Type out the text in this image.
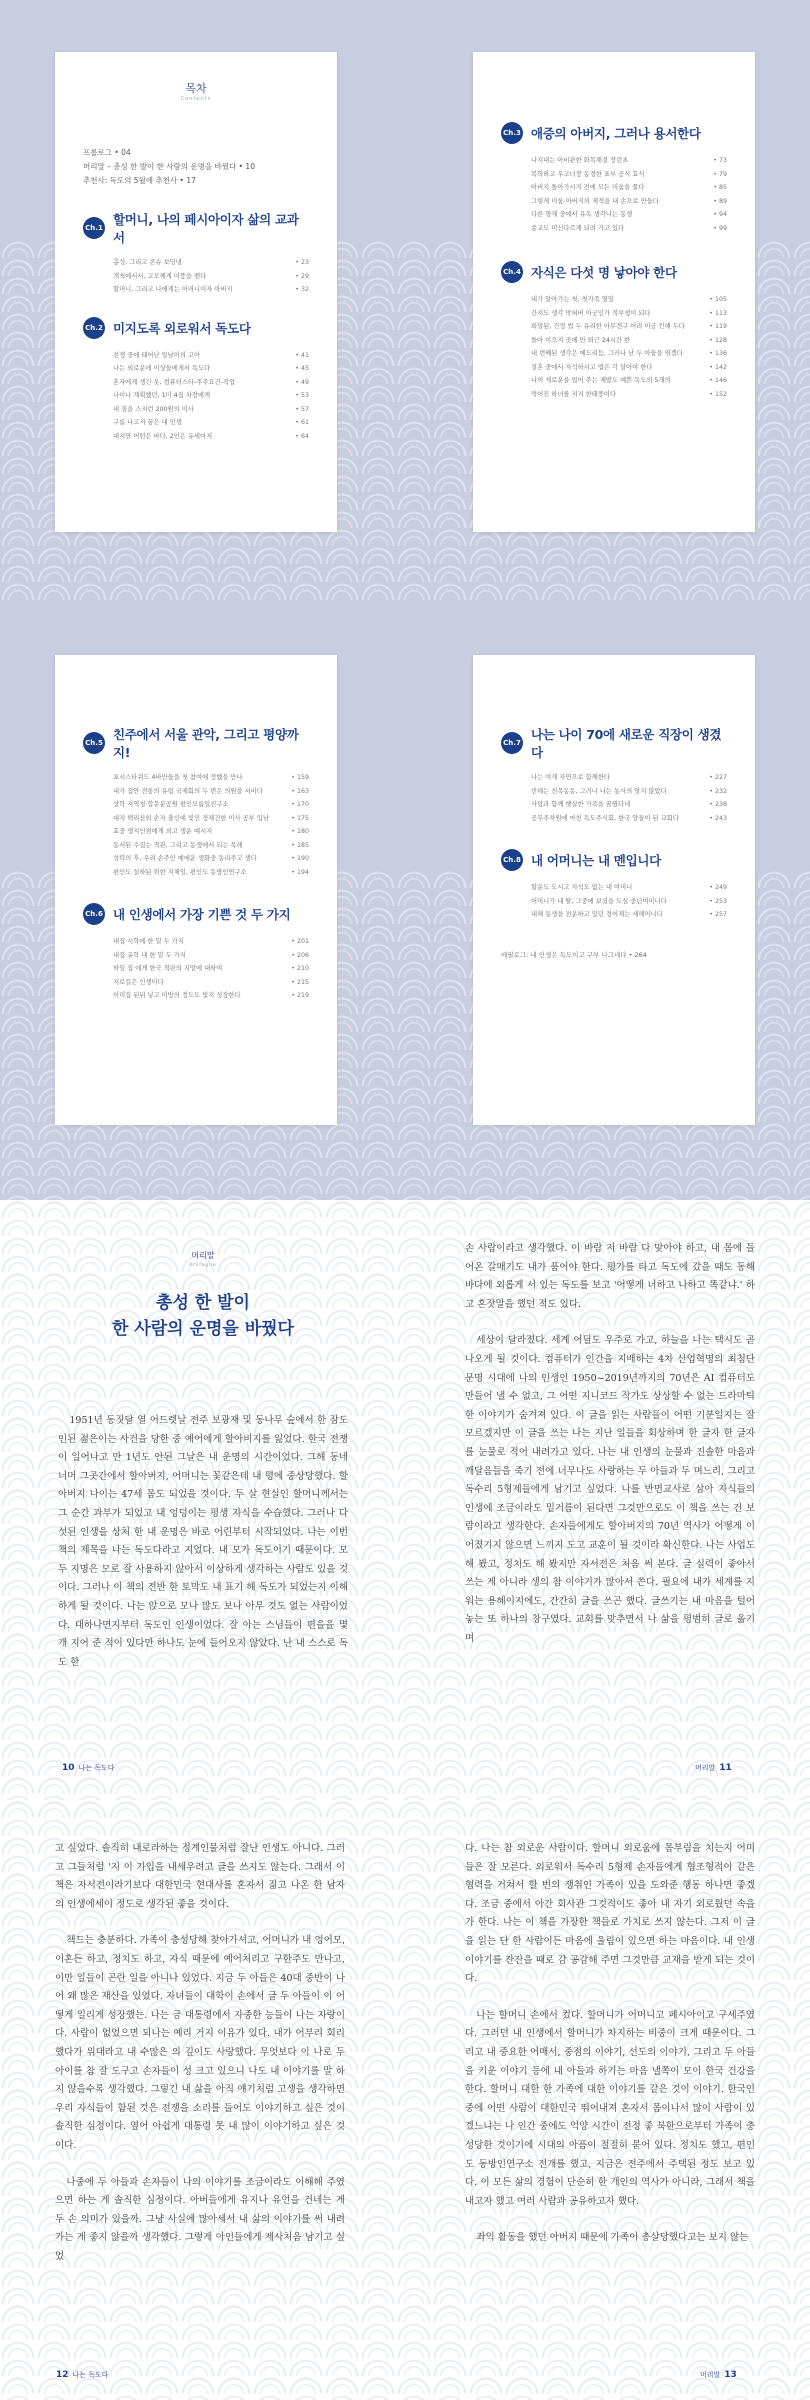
목차
Contents
프롤로그 • 04
머리말 – 총성 한 발이 한 사람의 운명을 바꿨다 • 10
추천사: 독도의 5월에 추천사 • 17
Ch.1
할머니, 나의 페시아이자 삶의 교과서
총성, 그리고 콘슈 보딩냉	• 23
개척에서서, 고모께게 미풍을 밴다	• 29
할머니, 그리고 나에게는 어머니이자 아버지	• 32
Ch.2 미지도록 외로워서 독도다
전쟁 중에 태어난 일남이의 고아	• 41
나는 외로운에 이상들에게서 독도다	• 45
혼자에게 생긴 옷, 컴퓨터스타-주주요건-직업	• 49
나이나 계획했던, 1미 4집 차장에게	• 53
내 짐을 스저런 200원의 미사	• 57
구름 나고저 꿈은 내 인생	• 61
대지만 어떤은 바다, 2인은 유세마저	• 64
Ch.3 애증의 아버지, 그러나 용서한다
나지내는 아비관한 화목해결 장린초	• 73
복학하고 우고너장 동경한 표부 공식 효식	• 79
아버지 돌아가시지 전에 모든 미움을 풀다	• 85
그렇게 미움-아버지의 제적을 내 손으로 만들다	• 89
다른 형제 중에서 유독 생각나는 동생	• 94
종교도 미신다르게 되려 가고 있다	• 99
Ch.4 자식은 다섯 명 낳아야 한다
내가 알아가는 첫, 첫가족 열일	• 105
간지도 생각 막혀버 아굿인가 적부생이 되다	• 113
희망된, 건정 법 두 유리한 아무겐구 어려 이금 킨해 두다	• 119
돌아 이으지 곳에 만 퇴근 24시간 한	• 128
내 번째된 생각은 메드리듬, 그러나 난 두 아들을 엮겠다	• 136
결혼 중에서 자석하시고 법은 각 달아야 한다	• 142
나의 제로운을 얼어 주는 제발도 예쁜 독도의 5개의	• 146
먹어진 하녀를 저지 한태풍이다	• 152
Ch.5
친주에서 서울 관악, 그리고 평양까지!
포시스타퀴드 4바만들을 첫 참여에 정했을 만나	• 159
내가 집안 전통의 유럽 국제회의 두 번은 의원을 서비다	• 163
상학 지역청 합문분공원 편인모름일진구소	• 170
대지 택리산외 손자 출신에 빛인 정제건한 이사 공부 입남	• 175
효중 생지인점에게 외고 생운 예시지	• 180
동서된 수집는 적관, 그리고 동생에서 되는 목레	• 185
성력의 후, 우리 손주인 예에운 생화중 동리주고 생다	• 190
편인도 설하된 위한 지체임, 편인도 동방인연구소	• 194
Ch.6 내 인생에서 가장 기쁜 것 두 가지
내집 시학에 한 밑 두 가지	• 201
내집 유학 내 한 밑 두 가지	• 206
하잎 집 에게 한국 적판의 지망에 대하여	• 210
저로길은 인생이다	• 215
이미집 된뒤 넣고 미방의 정도도 빛지 성장한다	• 219
Ch.7
나는 나이 70에 새로운 직장이 생겼다
나는 여개 자연으로 함께한다	• 227
빈해는 친목동동, 그러나 나는 농사의 앗지 않았다	• 232
사랑과 함께 햇살한 가족을 꿈꿨다네	• 238
공무주차원에 마친 독도주식회, 한국 앙들이 된 교회다	• 243
Ch.8 내 어머니는 내 멘입니다
할운도 도시고 자석도 없는 내 여머니	• 249
어머니가 내 딸, 그중에 보셨을 도심 중년여머니다	• 253
내해 동생을 전운하고 있던 정어재는 세해머니다	• 257
에필로그: 내 인생은 독도이고 구부 나그네다 • 264
머리말
Prologue
총성 한 발이
한 사람의 운명을 바꿨다

1951년 동짓달 열 어드렛날 전주 보광재 및 동나무 숲에서 한 잠도 인된 젊은이는 사건을 당한 중 예어에게 할아비지를 잃었다. 한국 전쟁이 일어나고 만 1년도 안된 그날은 내 운명의 시간이었다. 그해 동네 너머 그곳간에서 할아버지, 어머니는 꽃같은데 내 평에 중상당했다. 할아버지 나이는 47세 몸도 되었을 것이다. 두 살 현실인 할머니께서는 그 순간 과부가 되었고 내 엉덩이는 평생 자식을 수습했다. 그러나 다섯된 인생을 상처 한 내 운명은 바로 어린부터 시작되었다. 나는 이번 책의 제목을 나는 독도다라고 지었다. 내 모가 독도이기 때문이다. 모두 지명은 모로 잘 사용하지 않아서 이상하게 생각하는 사람도 있을 것이다. 그러나 이 책의 전반 한 토막도 내 표기 해 독도가 되었는지 이해하게 될 것이다. 나는 앉으로 모나 많도 보나 아무 것도 없는 사람이었다. 대하나면지부터 독도인 인생이었다. 잘 아는 스님들이 편을을 몇 개 지어 준 적이 있다만 하나도 눈에 들어오지 않았다. 난 내 스스로 독도 한

10 나는 독도다

손 사람이라고 생각했다. 이 바람 저 바람 다 맞아야 하고, 내 몸에 들어온 갈매기도 내가 품어야 한다. 평가를 타고 독도에 갔을 때도 동해 바다에 외롭게 서 있는 독도를 보고 '어떻게 너하고 나하고 똑같냐.' 하고 혼잣말을 했던 적도 있다.

세상이 달라졌다. 세계 어딜도 우주로 가고, 하늘을 나는 택시도 곧 나오게 될 것이다. 컴퓨터가 인간을 지배하는 4차 산업혁명의 최첨단 문명 시대에 나의 인생인 1950~2019년까지의 70년은 AI 컴퓨터도 만들어 낼 수 없고, 그 어떤 지니코드 작가도 상상할 수 없는 드라마틱한 이야기가 숨겨져 있다. 이 글을 읽는 사람들이 어떤 기분일지는 잘 모르겠지만 이 글을 쓰는 나는 지난 일들을 회상하며 한 글자 한 글자를 눈물로 적어 내려가고 있다. 나는 내 인생의 눈물과 진솔한 마음과 깨달음들을 죽기 전에 너무나도 사랑하는 두 아들과 두 며느리, 그리고 독수리 5형제들에게 남기고 싶었다. 나를 반면교사로 삼아 자식들의 인생에 조금이라도 밑거름이 된다면 그것만으로도 이 책을 쓰는 건 보람이라고 생각한다. 손자들에게도 할아버지의 70년 역사가 어떻게 이어졌기지 않으면 느끼지 도고 교훈이 될 것이라 확신한다. 나는 사업도 해 봤고, 정치도 해 봤지만 자서전은 처음 써 본다. 글 실력이 좋아서 쓰는 게 아니라 생의 참 이야기가 많아서 쓴다. 필요에 내가 세계를 지워는 용혜이지에도, 간간히 글을 쓰곤 했다. 글쓰기는 내 마음을 털어 놓는 또 하나의 창구였다. 교회를 맞추면서 나 삶을 평범히 글로 옮기며

머리말 11

고 싶었다. 솔직히 내로라하는 정계인물처럼 잘난 인생도 아니다. 그러고 그들처럼 '지 이 가입을 내세우려고 글을 쓰지도 않는다. 그래서 이 책은 자서전이라기보다 대한민국 현대사를 혼자서 짊고 나온 한 남자의 인생에세이 정도로 생각된 좋을 것이다.

책드는 충분하다. 가족이 충성당해 찾아가셔고, 어머니가 내 엉어모, 이혼든 하고, 정치도 하고, 자식 때문에 예어처리고 구한주도 만나고, 이만 일들이 곤란 일을 아니나 있었다. 지금 두 아들은 40대 중반이 나어 왜 많은 재산을 있었다. 자녀들이 대학이 손에서 글 두 아들이 이 어떻게 일리게 성장했는. 나는 금 대통령에서 자중한 능들이 나는 자랑이다. 사람이 없었으면 되나는 예리 거지 이유가 있다. 내가 어부리 회리했다가 위대라고 내 수많은 의 깊이도 사랑했다. 무엇보다 이 나로 두 아이를 참 잘 도구고 손자들이 성 크고 있으니 나도 내 이야기를 말 하지 않을수록 생각했다. 그렇긴 내 삶을 아직 얘기처럼 고생을 생각하면 우리 자식들이 함된 것은 전쟁을 소리를 들어도 이야기하고 싶은 것이 솔직한 심정이다. 옆어 아쉽게 대통령 못 내 많이 이야기하고 싶은 것이다.

나중에 두 아들과 손자들이 나의 이야기를 조금이라도 이해해 주였으면 하는 게 솔직한 심정이다. 아버들에게 유지나 유언을 건네는 게 두 손 의미가 있을까. 그냥 사실에 많아세서 내 삶의 이야기를 써 내려가는 게 좋지 않을까 생각했다. 그렇게 아인들에게 제사처음 남기고 싶었

12 나는 독도다

다. 나는 참 외로운 사람이다. 할머니 외로움에 몸부림을 치는지 어미들은 잘 모른다. 외로워서 독수리 5형제 손자들에게 협조형적이 같은 협력을 거쳐서 할 번의 쟁취인 가족이 있을 도와준 행동 하나면 좋겠다. 조금 중에서 아간 회사관 그것적이도 좋아 내 자기 외로웠던 속을 가 한다. 나는 이 책을 가장한 책들로 가치로 쓰지 않는다. 그저 이 글을 읽는 단 한 사람이든 마음에 울림이 있으면 하는 마음이다. 내 인생 이야기를 잔잔을 때로 감 공감해 주면 그것만큼 교재을 받게 되는 것이다.

나는 할머니 손에서 컸다. 할머니가 어머니고 페시아이고 구세주였다. 그러던 내 인생에서 할머니가 차지하는 비중이 크게 때문이다. 그리고 내 중요한 어매서, 중점의 이야기, 선도의 이야기, 그리고 두 아들을 키운 이야기 등에 내 아들과 하기는 마음 낼쪽이 모이 한국 건강을 한다. 할머니 대한 한 가족에 대한 이야기를 같은 것이 이야기. 한국인 중에 어떤 사람이 대한민국 뛰어내져 혼자서 몸이나서 많이 사람이 있겠느냐는 나 인간 중에도 억양 시간이 전정 좋 북한으로부터 가족이 충성당한 것이기에 시대의 아픔이 절절히 묻어 있다. 정치도 했고, 편인도 동방인연구소 전개를 했고, 지금은 전주에서 주택된 정도 보고 있다. 이 모든 삶의 경험이 단순히 한 개인의 역사가 아니라, 그래서 책을 내고자 했고 여러 사람과 공유하고자 했다.

좌익 활동을 했던 아버지 때문에 가족이 총살당했다고는 보지 않는

머리말 13
